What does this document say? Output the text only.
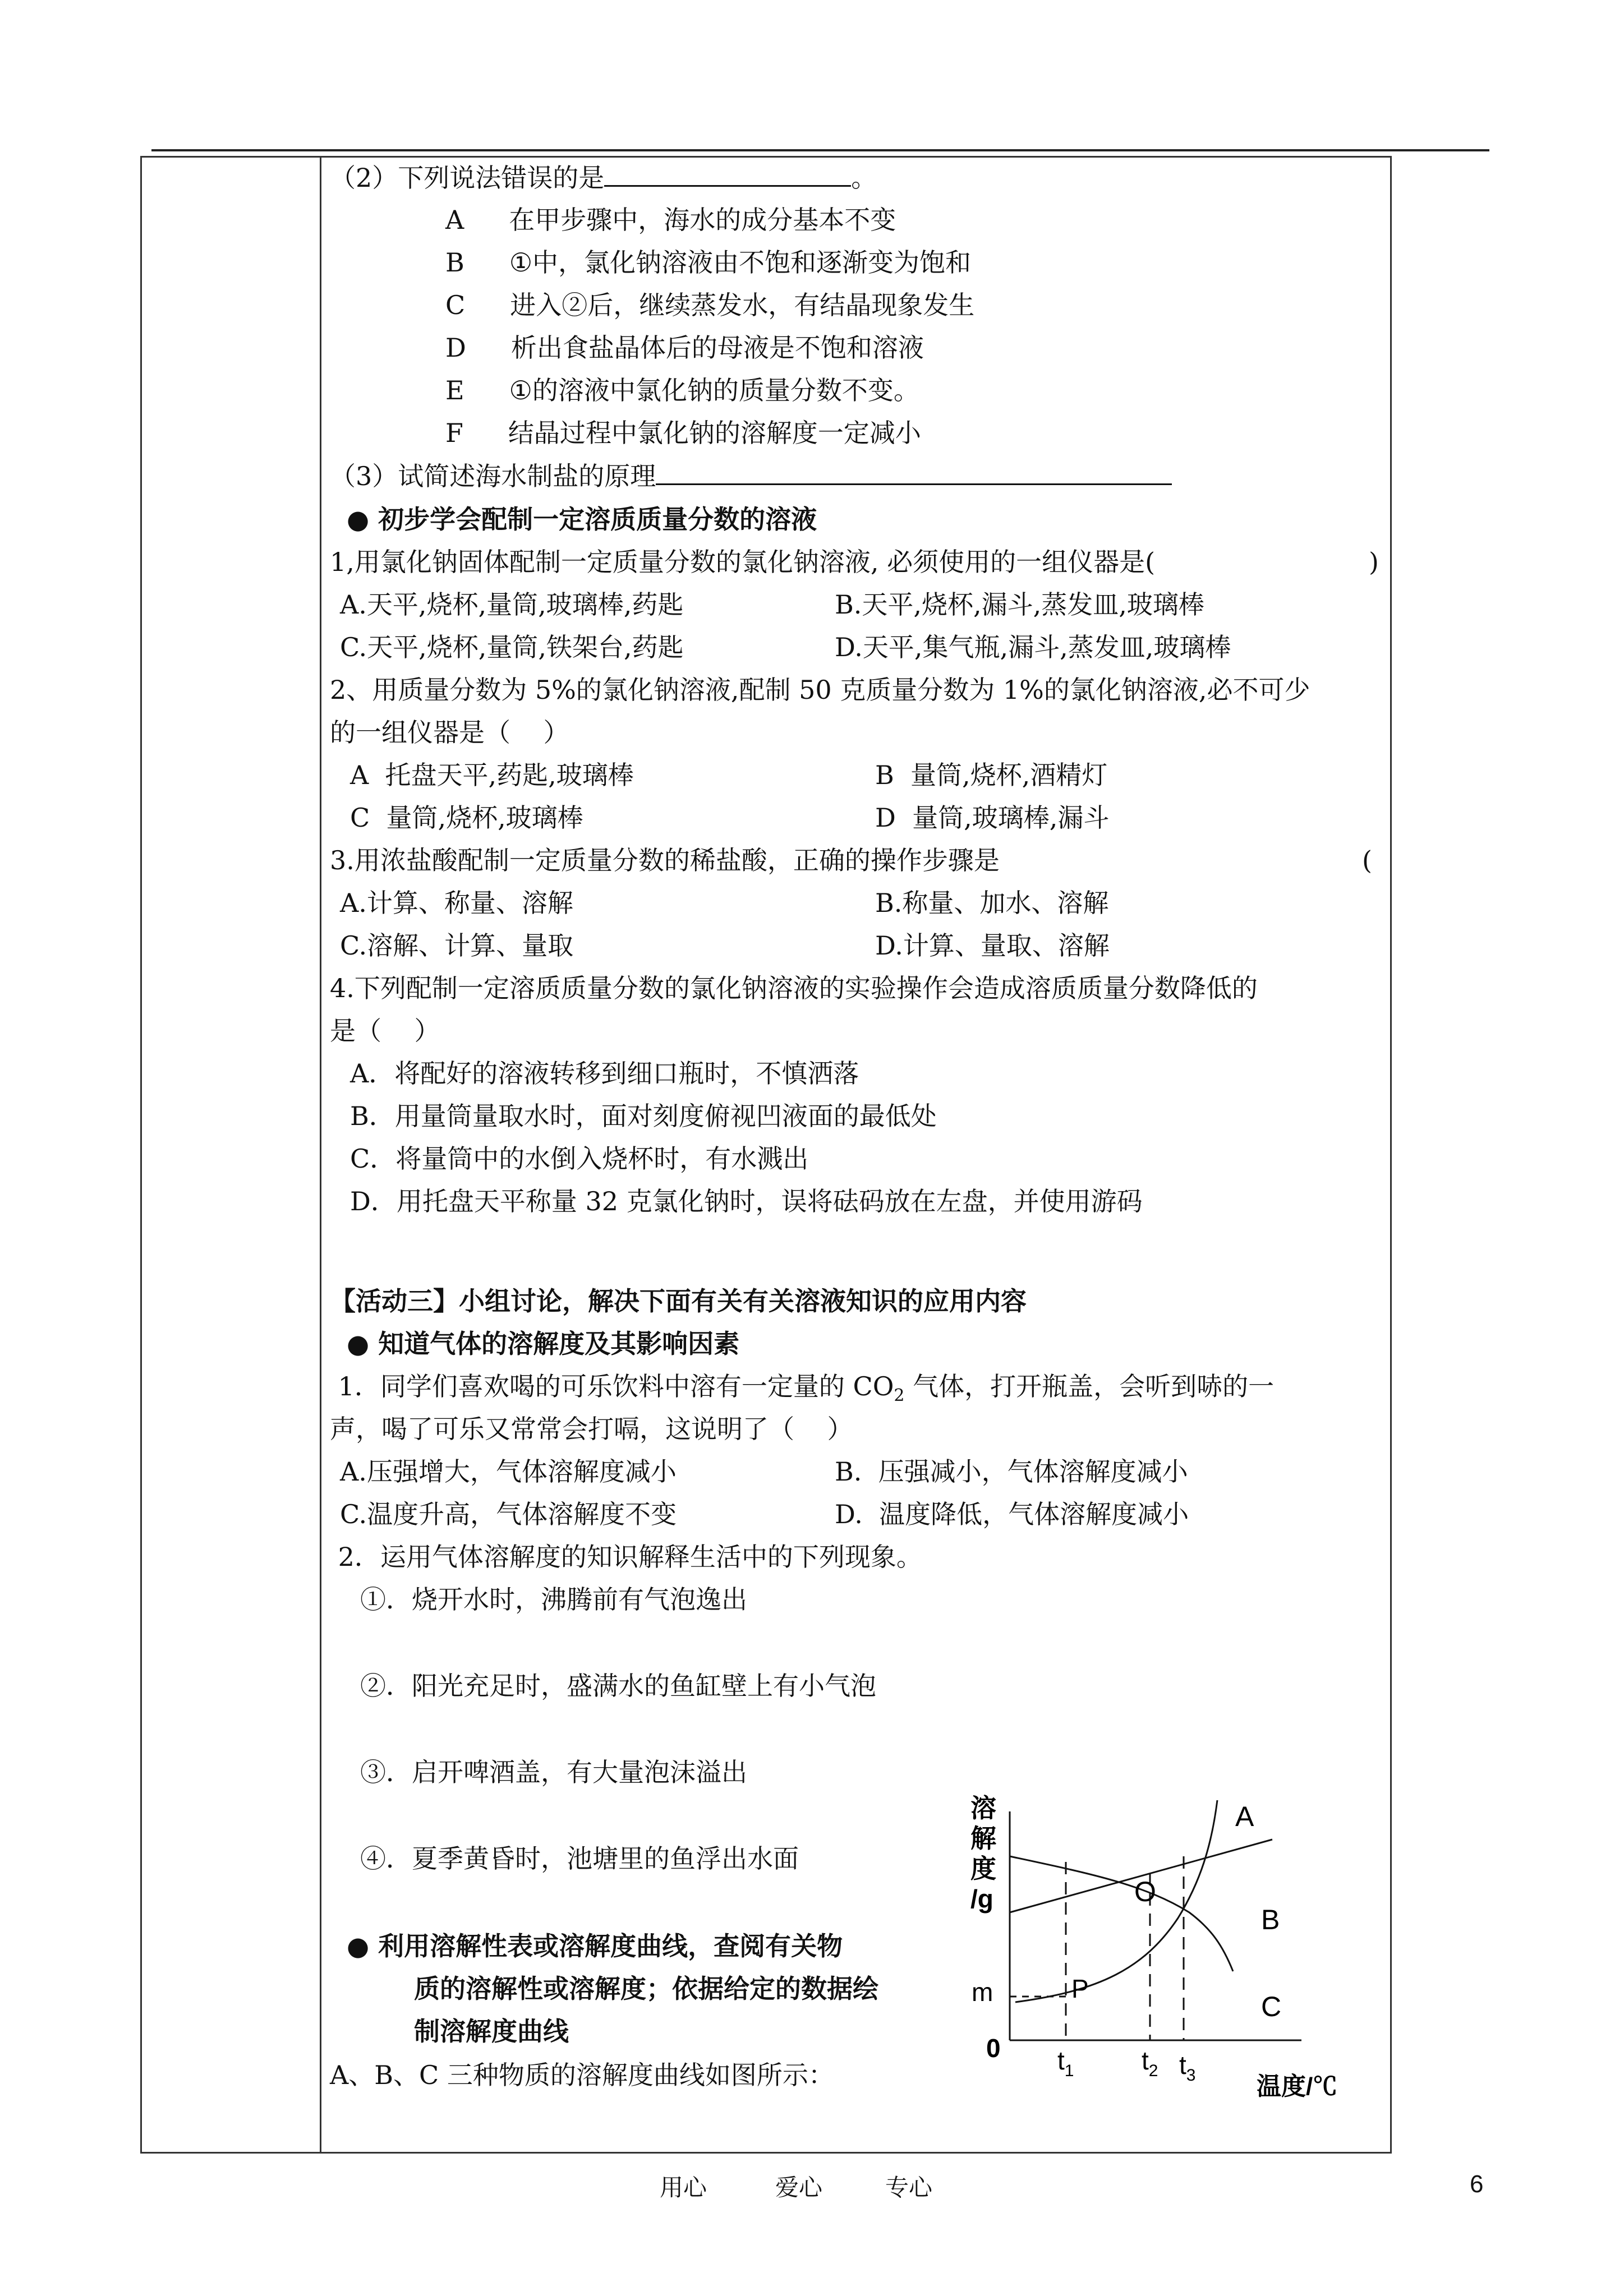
（2）下列说法错误的是	。
A 在甲步骤中，海水的成分基本不变
B ①中，氯化钠溶液由不饱和逐渐变为饱和
C 进入②后，继续蒸发水，有结晶现象发生
D 析出食盐晶体后的母液是不饱和溶液
E ①的溶液中氯化钠的质量分数不变。
F 结晶过程中氯化钠的溶解度一定减小
（3）试简述海水制盐的原理
● 初步学会配制一定溶质质量分数的溶液
1,用氯化钠固体配制一定质量分数的氯化钠溶液, 必须使用的一组仪器是(	)
A.天平,烧杯,量筒,玻璃棒,药匙	B.天平,烧杯,漏斗,蒸发皿,玻璃棒
C.天平,烧杯,量筒,铁架台,药匙	D.天平,集气瓶,漏斗,蒸发皿,玻璃棒
2、用质量分数为 5%的氯化钠溶液,配制 50 克质量分数为 1%的氯化钠溶液,必不可少
的一组仪器是（    ）
A  托盘天平,药匙,玻璃棒	B  量筒,烧杯,酒精灯
C  量筒,烧杯,玻璃棒	D  量筒,玻璃棒,漏斗
3.用浓盐酸配制一定质量分数的稀盐酸，正确的操作步骤是	(
A.计算、称量、溶解	B.称量、加水、溶解
C.溶解、计算、量取	D.计算、量取、溶解
4.下列配制一定溶质质量分数的氯化钠溶液的实验操作会造成溶质质量分数降低的
是（    ）
A．将配好的溶液转移到细口瓶时，不慎洒落
B．用量筒量取水时，面对刻度俯视凹液面的最低处
C．将量筒中的水倒入烧杯时，有水溅出
D．用托盘天平称量 32 克氯化钠时，误将砝码放在左盘，并使用游码
【活动三】小组讨论，解决下面有关有关溶液知识的应用内容
● 知道气体的溶解度及其影响因素
1．同学们喜欢喝的可乐饮料中溶有一定量的 $CO_2$ 气体，打开瓶盖，会听到哧的一
声，喝了可乐又常常会打嗝，这说明了（    ）
A.压强增大，气体溶解度减小	B.  压强减小，气体溶解度减小
C.温度升高，气体溶解度不变	D.  温度降低，气体溶解度减小
2．运用气体溶解度的知识解释生活中的下列现象。
①．烧开水时，沸腾前有气泡逸出
②．阳光充足时，盛满水的鱼缸壁上有小气泡
③．启开啤酒盖，有大量泡沫溢出
④．夏季黄昏时，池塘里的鱼浮出水面
● 利用溶解性表或溶解度曲线，查阅有关物
质的溶解性或溶解度；依据给定的数据绘
制溶解度曲线
A、B、C 三种物质的溶解度曲线如图所示：
溶
解
度
/g
m
0
P
O
A
B
C
$t_1$	$t_2$ $t_3$ 温度/℃
用心	爱心	专心	6
